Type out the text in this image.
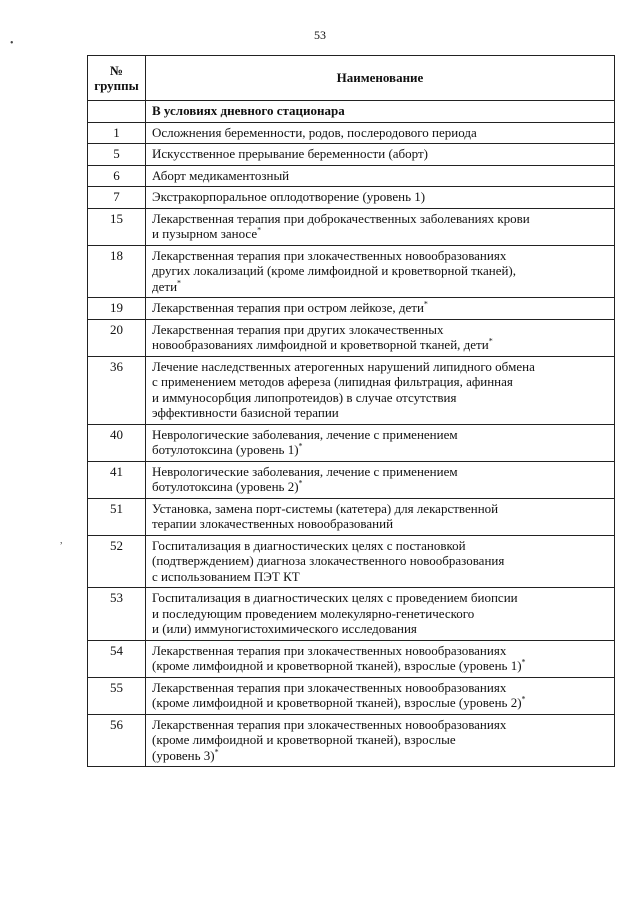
53
•
,
№
группы	Наименование
	В условиях дневного стационара
1	Осложнения беременности, родов, послеродового периода

5	Искусственное прерывание беременности (аборт)

6	Аборт медикаментозный

7	Экстракорпоральное оплодотворение (уровень 1)

15	Лекарственная терапия при доброкачественных заболеваниях крови
и пузырном заносе*

18	Лекарственная терапия при злокачественных новообразованиях
других локализаций (кроме лимфоидной и кроветворной тканей),
дети*

19	Лекарственная терапия при остром лейкозе, дети*

20	Лекарственная терапия при других злокачественных
новообразованиях лимфоидной и кроветворной тканей, дети*

36	Лечение наследственных атерогенных нарушений липидного обмена
с применением методов афереза (липидная фильтрация, афинная
и иммуносорбция липопротеидов) в случае отсутствия
эффективности базисной терапии

40	Неврологические заболевания, лечение с применением
ботулотоксина (уровень 1)*

41	Неврологические заболевания, лечение с применением
ботулотоксина (уровень 2)*

51	Установка, замена порт-системы (катетера) для лекарственной
терапии злокачественных новообразований

52	Госпитализация в диагностических целях с постановкой
(подтверждением) диагноза злокачественного новообразования
с использованием ПЭТ КТ

53	Госпитализация в диагностических целях с проведением биопсии
и последующим проведением молекулярно-генетического
и (или) иммуногистохимического исследования

54	Лекарственная терапия при злокачественных новообразованиях
(кроме лимфоидной и кроветворной тканей), взрослые (уровень 1)*

55	Лекарственная терапия при злокачественных новообразованиях
(кроме лимфоидной и кроветворной тканей), взрослые (уровень 2)*

56	Лекарственная терапия при злокачественных новообразованиях
(кроме лимфоидной и кроветворной тканей), взрослые
(уровень 3)*
